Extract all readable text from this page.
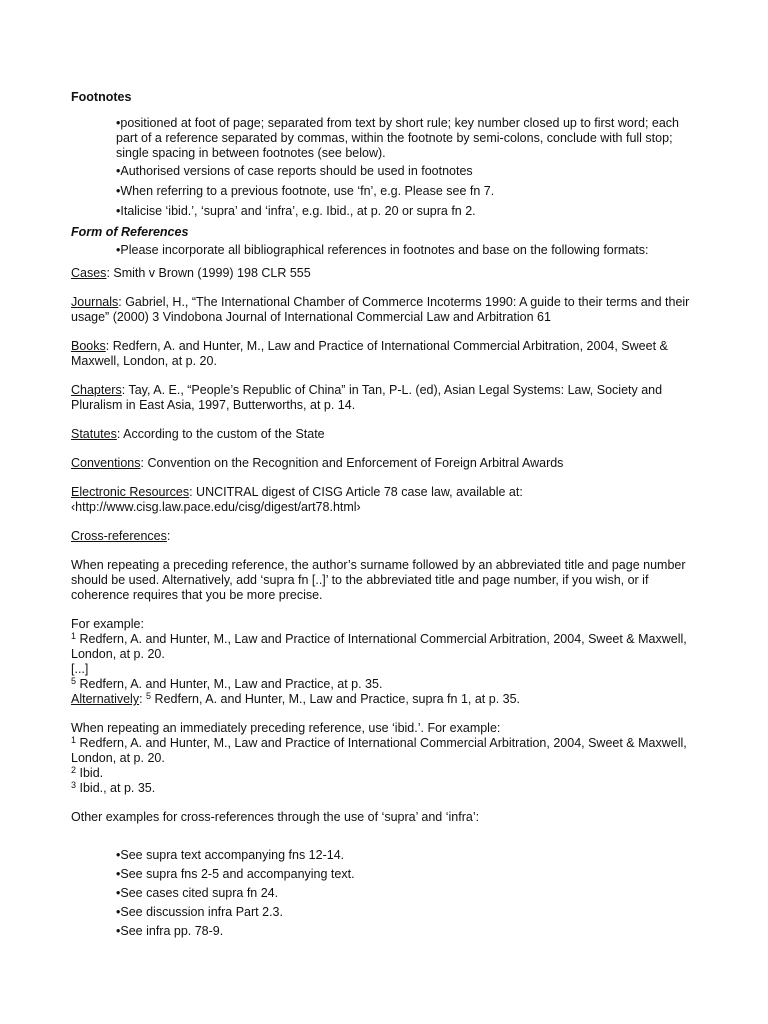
Footnotes
•positioned at foot of page; separated from text by short rule; key number closed up to first word; each part of a reference separated by commas, within the footnote by semi-colons, conclude with full stop; single spacing in between footnotes (see below).
•Authorised versions of case reports should be used in footnotes
•When referring to a previous footnote, use ‘fn’, e.g. Please see fn 7.
•Italicise ‘ibid.’, ‘supra’ and ‘infra’, e.g. Ibid., at p. 20 or supra fn 2.
Form of References
•Please incorporate all bibliographical references in footnotes and base on the following formats:
Cases: Smith v Brown (1999) 198 CLR 555
Journals: Gabriel, H., “The International Chamber of Commerce Incoterms 1990: A guide to their terms and their usage” (2000) 3 Vindobona Journal of International Commercial Law and Arbitration 61
Books: Redfern, A. and Hunter, M., Law and Practice of International Commercial Arbitration, 2004, Sweet & Maxwell, London, at p. 20.
Chapters: Tay, A. E., “People’s Republic of China” in Tan, P-L. (ed), Asian Legal Systems: Law, Society and Pluralism in East Asia, 1997, Butterworths, at p. 14.
Statutes: According to the custom of the State
Conventions: Convention on the Recognition and Enforcement of Foreign Arbitral Awards
Electronic Resources: UNCITRAL digest of CISG Article 78 case law, available at:
‹http://www.cisg.law.pace.edu/cisg/digest/art78.html›
Cross-references:
When repeating a preceding reference, the author’s surname followed by an abbreviated title and page number should be used. Alternatively, add ‘supra fn [..]’ to the abbreviated title and page number, if you wish, or if coherence requires that you be more precise.
For example:
$^1$ Redfern, A. and Hunter, M., Law and Practice of International Commercial Arbitration, 2004, Sweet & Maxwell, London, at p. 20.
[...]
$^5$ Redfern, A. and Hunter, M., Law and Practice, at p. 35.
Alternatively: $^5$ Redfern, A. and Hunter, M., Law and Practice, supra fn 1, at p. 35.
When repeating an immediately preceding reference, use ‘ibid.’. For example:
$^1$ Redfern, A. and Hunter, M., Law and Practice of International Commercial Arbitration, 2004, Sweet & Maxwell, London, at p. 20.
$^2$ Ibid.
$^3$ Ibid., at p. 35.
Other examples for cross-references through the use of ‘supra’ and ‘infra’:
•See supra text accompanying fns 12-14.
•See supra fns 2-5 and accompanying text.
•See cases cited supra fn 24.
•See discussion infra Part 2.3.
•See infra pp. 78-9.
